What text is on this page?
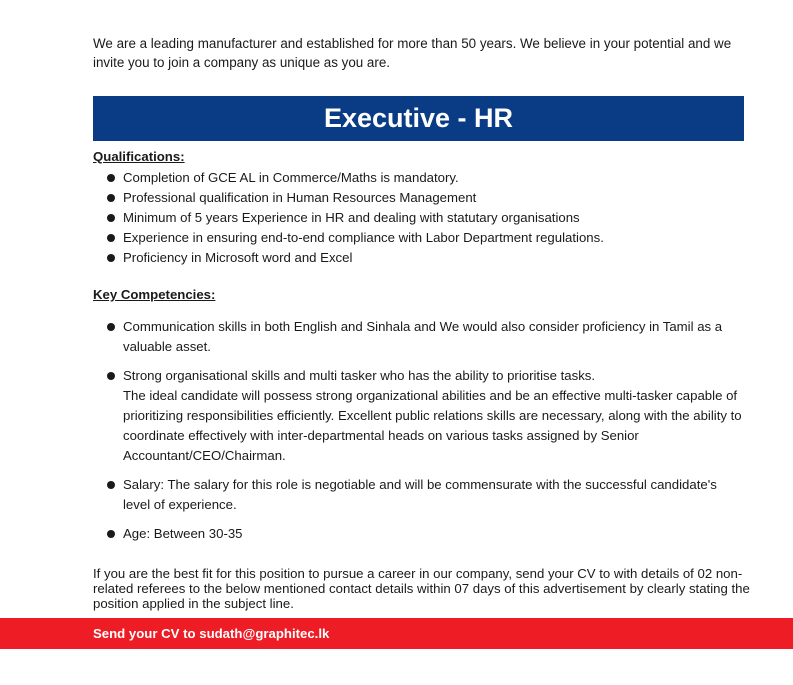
We are a leading manufacturer and established for more than 50 years. We believe in your potential and we invite you to join a company as unique as you are.

Executive - HR

Qualifications:

Completion of GCE AL in Commerce/Maths is mandatory.
Professional qualification in Human Resources Management
Minimum of 5 years Experience in HR and dealing with statutary organisations
Experience in ensuring end-to-end compliance with Labor Department regulations.
Proficiency in Microsoft word and Excel

Key Competencies:

Communication skills in both English and Sinhala and We would also consider proficiency in Tamil as a valuable asset.

Strong organisational skills and multi tasker who has the ability to prioritise tasks.

The ideal candidate will possess strong organizational abilities and be an effective multi-tasker capable of prioritizing responsibilities efficiently. Excellent public relations skills are necessary, along with the ability to coordinate effectively with inter-departmental heads on various tasks assigned by Senior Accountant/CEO/Chairman.

Salary: The salary for this role is negotiable and will be commensurate with the successful candidate's level of experience.
Age: Between 30-35

If you are the best fit for this position to pursue a career in our company, send your CV to with details of 02 non-related referees to the below mentioned contact details within 07 days of this advertisement by clearly stating the position applied in the subject line.

Send your CV to sudath@graphitec.lk
